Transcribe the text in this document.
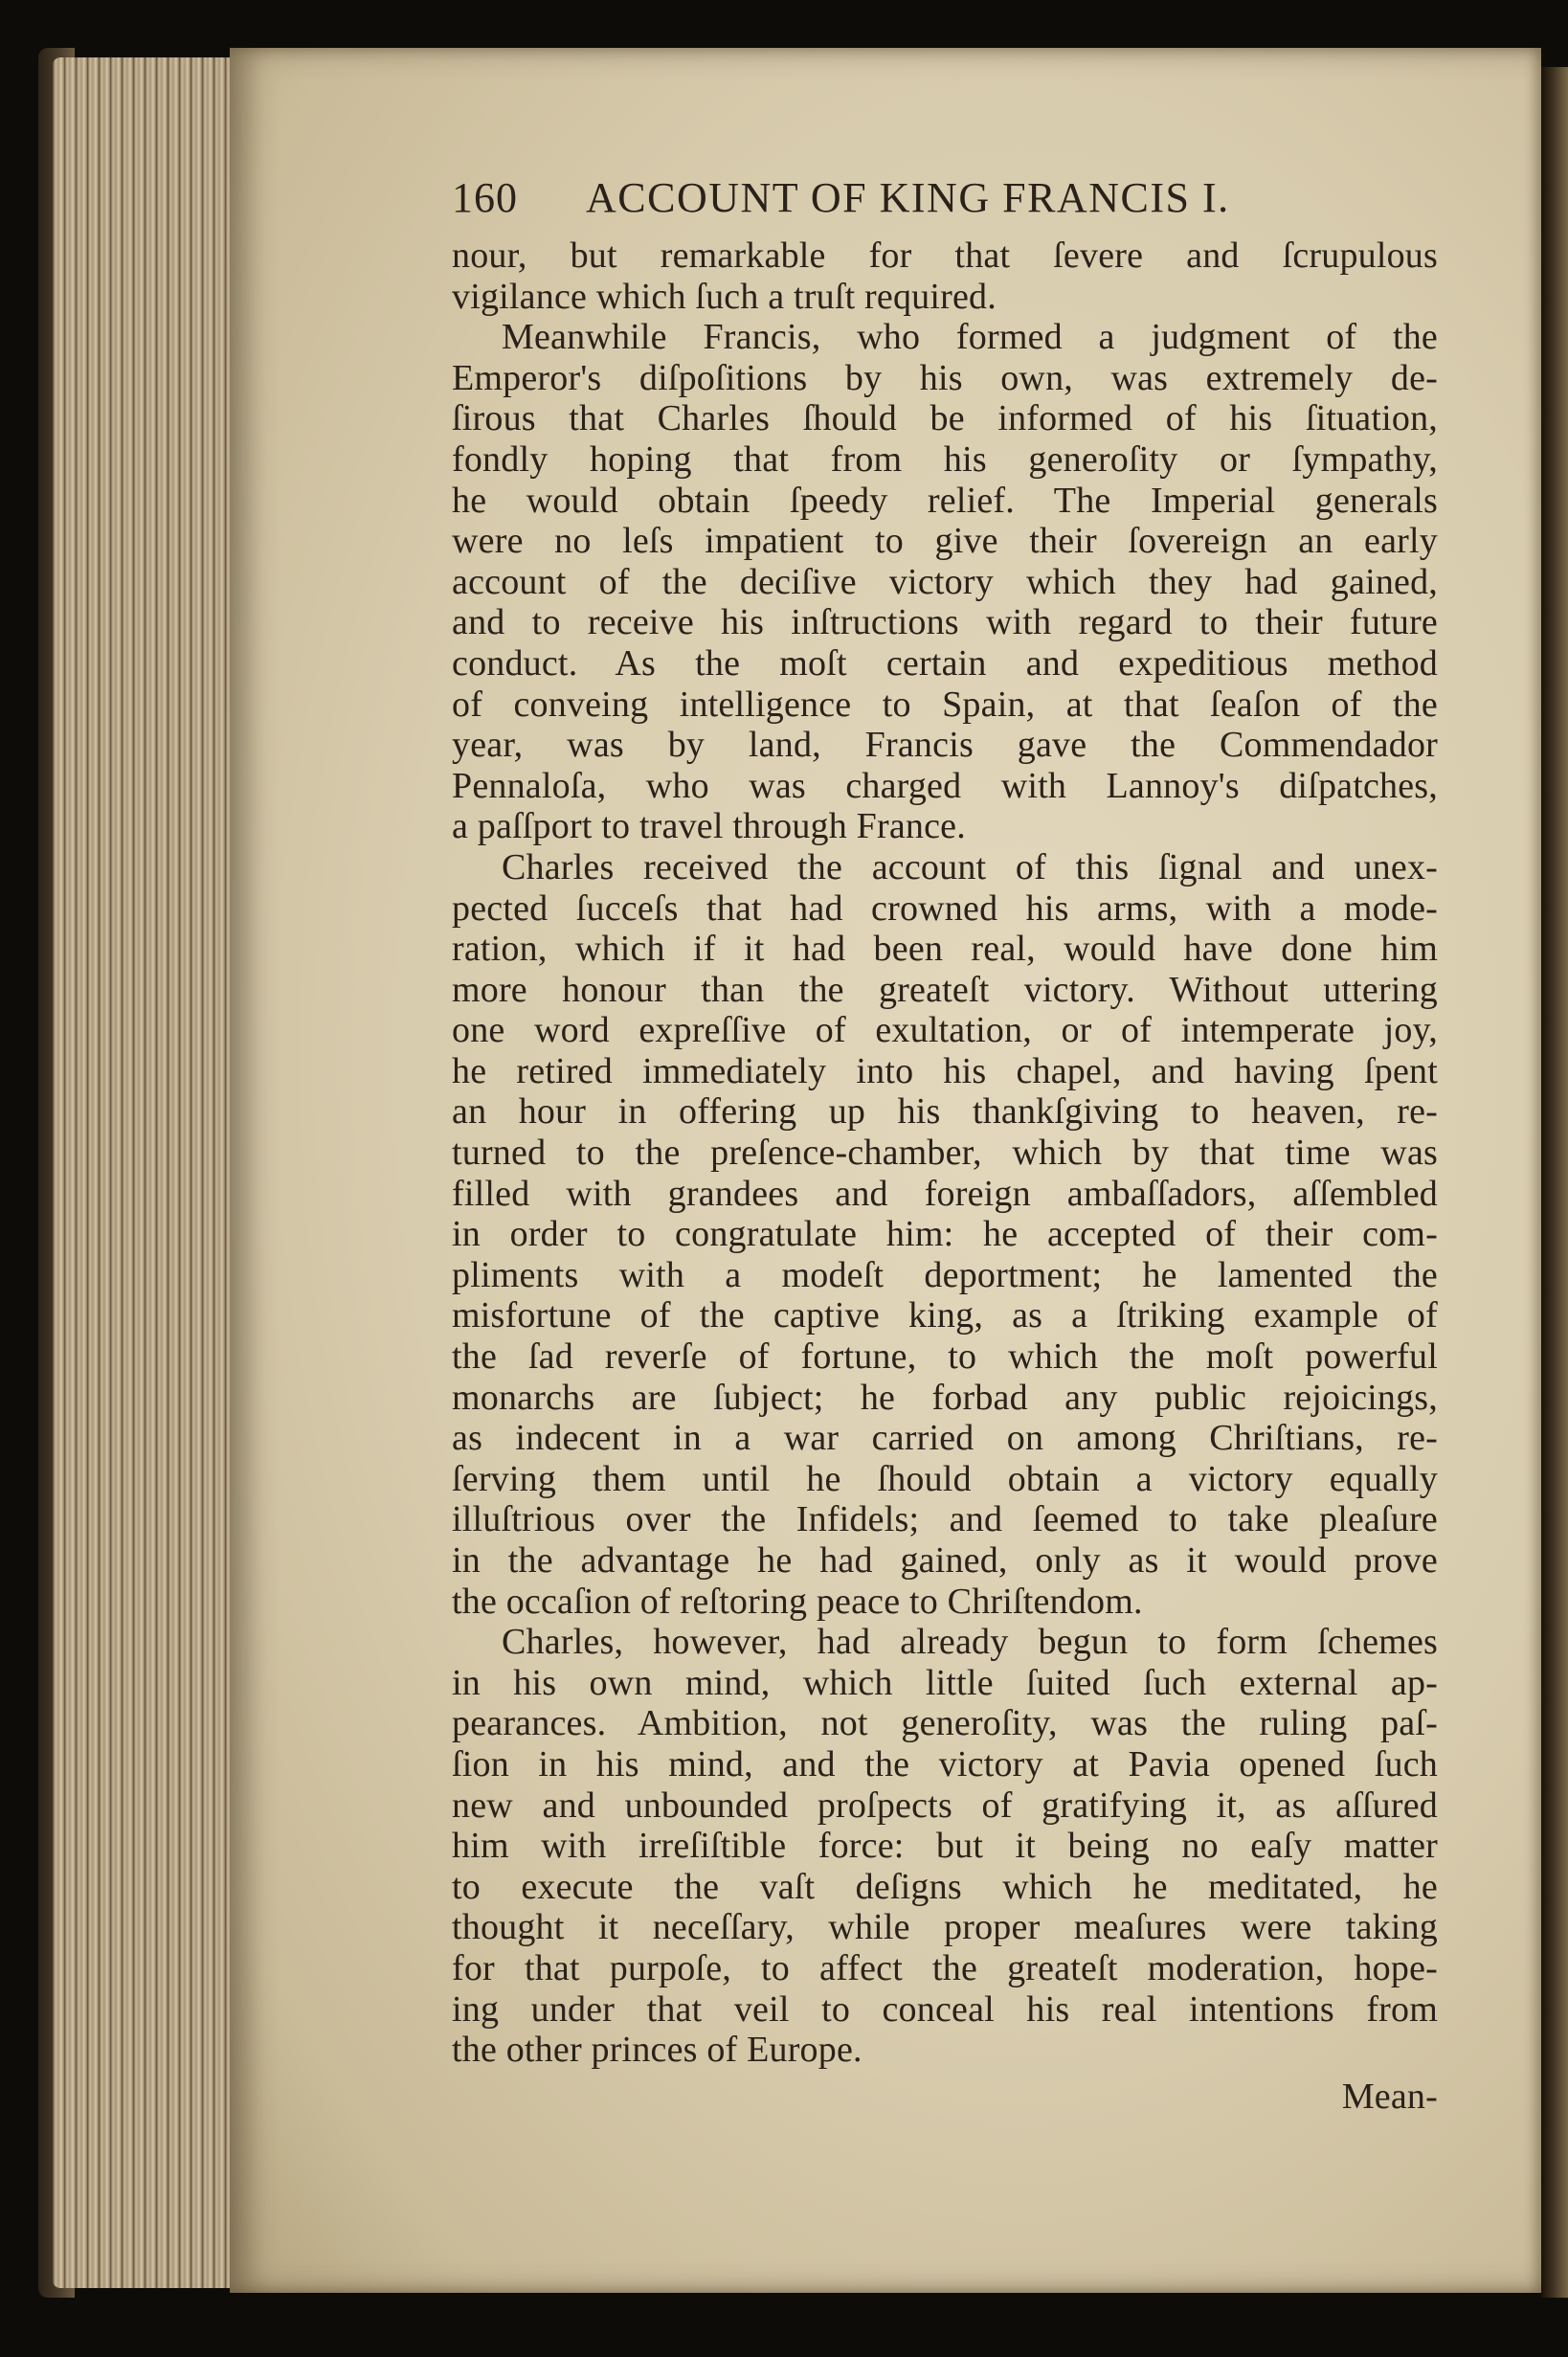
160	ACCOUNT OF KING FRANCIS I.
nour, but remarkable for that ſevere and ſcrupulous
vigilance which ſuch a truſt required.
Meanwhile Francis, who formed a judgment of the
Emperor's diſpoſitions by his own, was extremely de-
ſirous that Charles ſhould be informed of his ſituation,
fondly hoping that from his generoſity or ſympathy,
he would obtain ſpeedy relief. The Imperial generals
were no leſs impatient to give their ſovereign an early
account of the deciſive victory which they had gained,
and to receive his inſtructions with regard to their future
conduct. As the moſt certain and expeditious method
of conveing intelligence to Spain, at that ſeaſon of the
year, was by land, Francis gave the Commendador
Pennaloſa, who was charged with Lannoy's diſpatches,
a paſſport to travel through France.
Charles received the account of this ſignal and unex-
pected ſucceſs that had crowned his arms, with a mode-
ration, which if it had been real, would have done him
more honour than the greateſt victory. Without uttering
one word expreſſive of exultation, or of intemperate joy,
he retired immediately into his chapel, and having ſpent
an hour in offering up his thankſgiving to heaven, re-
turned to the preſence-chamber, which by that time was
filled with grandees and foreign ambaſſadors, aſſembled
in order to congratulate him: he accepted of their com-
pliments with a modeſt deportment; he lamented the
misfortune of the captive king, as a ſtriking example of
the ſad reverſe of fortune, to which the moſt powerful
monarchs are ſubject; he forbad any public rejoicings,
as indecent in a war carried on among Chriſtians, re-
ſerving them until he ſhould obtain a victory equally
illuſtrious over the Infidels; and ſeemed to take pleaſure
in the advantage he had gained, only as it would prove
the occaſion of reſtoring peace to Chriſtendom.
Charles, however, had already begun to form ſchemes
in his own mind, which little ſuited ſuch external ap-
pearances. Ambition, not generoſity, was the ruling paſ-
ſion in his mind, and the victory at Pavia opened ſuch
new and unbounded proſpects of gratifying it, as aſſured
him with irreſiſtible force: but it being no eaſy matter
to execute the vaſt deſigns which he meditated, he
thought it neceſſary, while proper meaſures were taking
for that purpoſe, to affect the greateſt moderation, hope-
ing under that veil to conceal his real intentions from
the other princes of Europe.
Mean-
